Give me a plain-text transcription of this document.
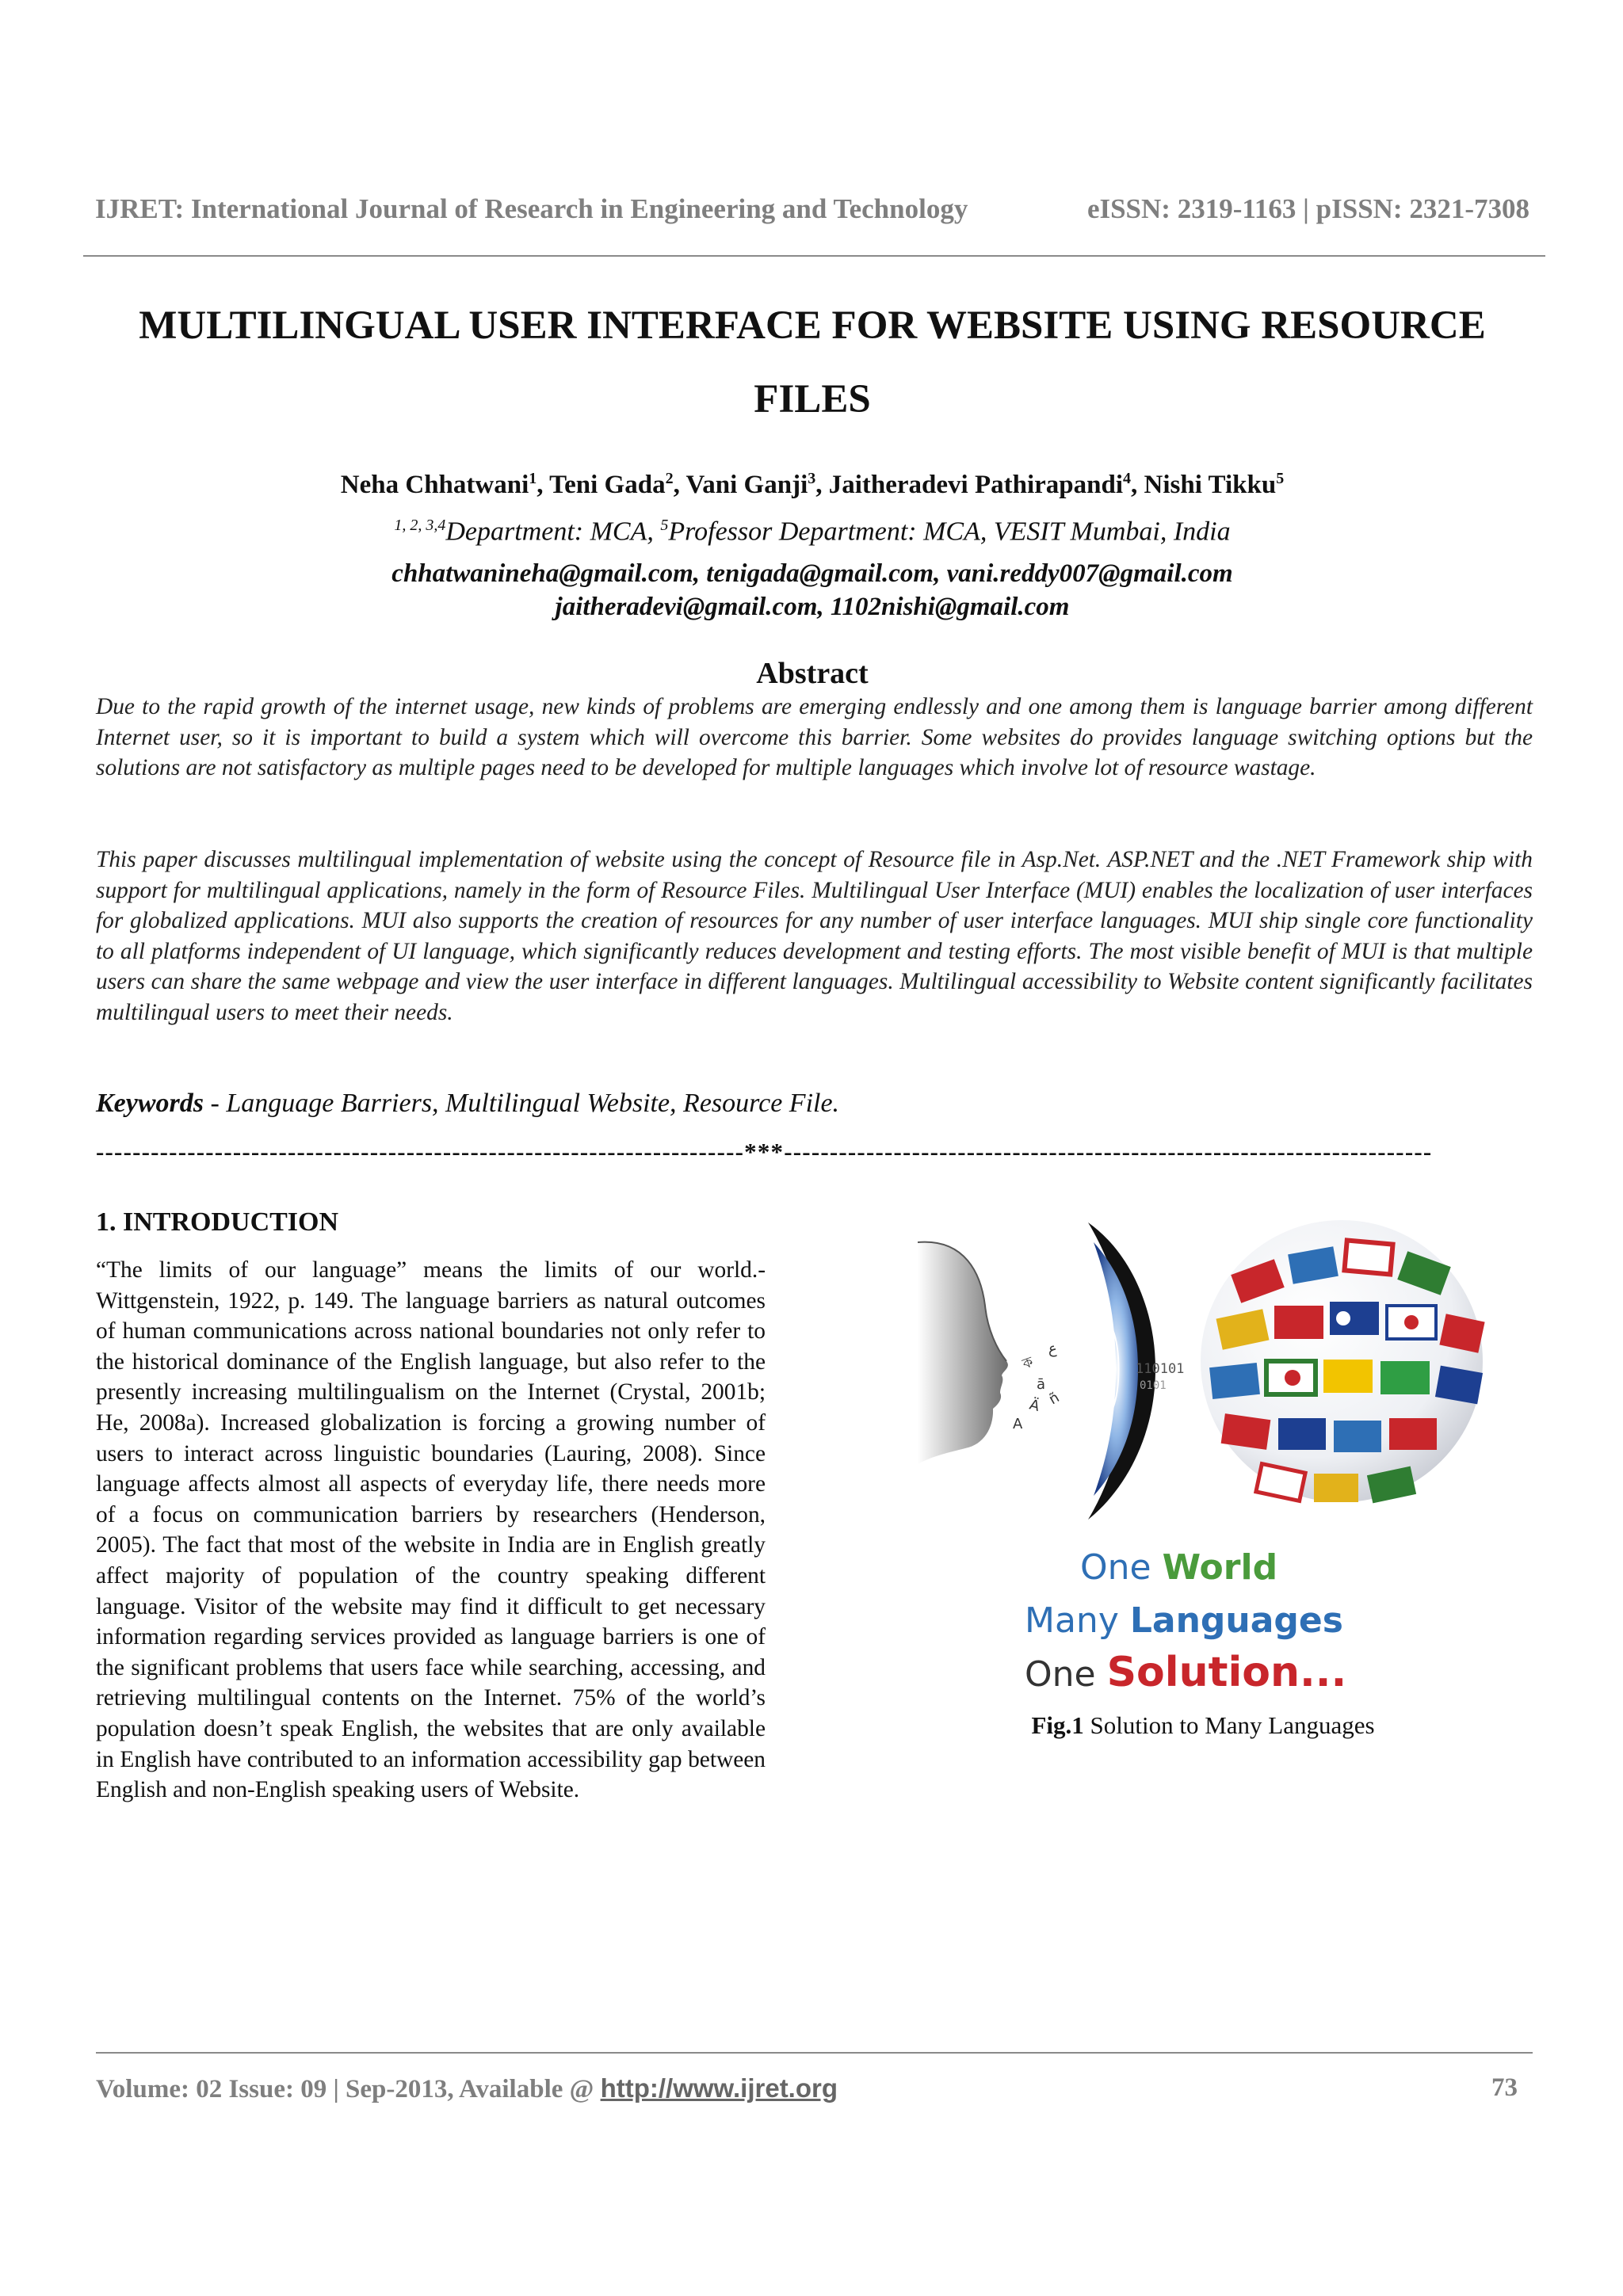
IJRET: International Journal of Research in Engineering and Technology	eISSN: 2319-1163 | pISSN: 2321-7308
MULTILINGUAL USER INTERFACE FOR WEBSITE USING RESOURCE
FILES
Neha Chhatwani$^1$, Teni Gada$^2$, Vani Ganji$^3$, Jaitheradevi Pathirapandi$^4$, Nishi Tikku$^5$
$^{1, 2, 3,4}$Department: MCA, $^5$Professor Department: MCA, VESIT Mumbai, India
chhatwanineha@gmail.com, tenigada@gmail.com, vani.reddy007@gmail.com
jaitheradevi@gmail.com, 1102nishi@gmail.com
Abstract
Due to the rapid growth of the internet usage, new kinds of problems are emerging endlessly and one among them is language barrier among different Internet user, so it is important to build a system which will overcome this barrier. Some websites do provides language switching options but the solutions are not satisfactory as multiple pages need to be developed for multiple languages which involve lot of resource wastage.
This paper discusses multilingual implementation of website using the concept of Resource file in Asp.Net. ASP.NET and the .NET Framework ship with support for multilingual applications, namely in the form of Resource Files. Multilingual User Interface (MUI) enables the localization of user interfaces for globalized applications. MUI also supports the creation of resources for any number of user interface languages. MUI ship single core functionality to all platforms independent of UI language, which significantly reduces development and testing efforts. The most visible benefit of MUI is that multiple users can share the same webpage and view the user interface in different languages. Multilingual accessibility to Website content significantly facilitates multilingual users to meet their needs.
Keywords - Language Barriers, Multilingual Website, Resource File.
-----------------------------------------------------------------------***-----------------------------------------------------------------------
1. INTRODUCTION
“The limits of our language” means the limits of our world.- Wittgenstein, 1922, p. 149. The language barriers as natural outcomes of human communications across national boundaries not only refer to the historical dominance of the English language, but also refer to the presently increasing multilingualism on the Internet (Crystal, 2001b; He, 2008a). Increased globalization is forcing a growing number of users to interact across linguistic boundaries (Lauring, 2008). Since language affects almost all aspects of everyday life, there needs more of a focus on communication barriers by researchers (Henderson, 2005). The fact that most of the website in India are in English greatly affect majority of population of the country speaking different language. Visitor of the website may find it difficult to get necessary information regarding services provided as language barriers is one of the significant problems that users face while searching, accessing, and retrieving multilingual contents on the Internet. 75% of the world’s population doesn’t speak English, the websites that are only available in English have contributed to an information accessibility gap between English and non-English speaking users of Website.
ক
ā
Ä
A
ع
ñ
110101
0101
One World
Many Languages
One Solution...
Fig.1 Solution to Many Languages
Volume: 02 Issue: 09 | Sep-2013, Available @ http://www.ijret.org	73
